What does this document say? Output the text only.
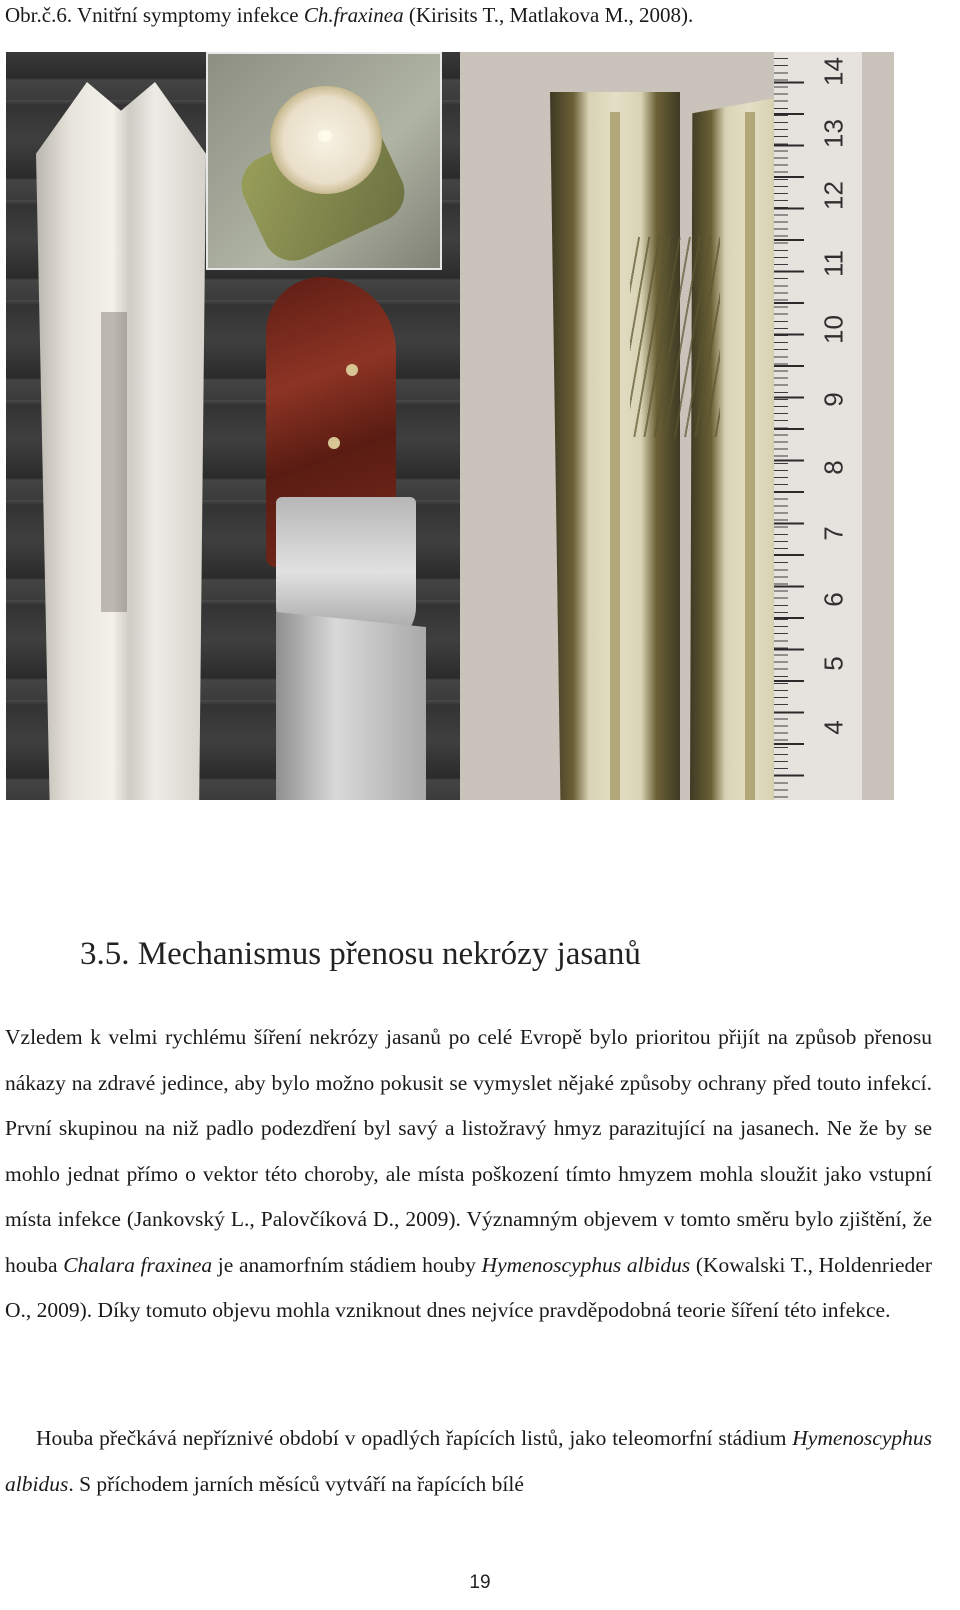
Obr.č.6. Vnitřní symptomy infekce Ch.fraxinea (Kirisits T., Matlakova M., 2008).
14
13
12
11
10
9
8
7
6
5
4
3.5. Mechanismus přenosu nekrózy jasanů

Vzledem k velmi rychlému šíření nekrózy jasanů po celé Evropě bylo prioritou přijít na způsob přenosu nákazy na zdravé jedince, aby bylo možno pokusit se vymyslet nějaké způsoby ochrany před touto infekcí. První skupinou na niž padlo podezdření byl savý a listožravý hmyz parazitující na jasanech. Ne že by se mohlo jednat přímo o vektor této choroby, ale místa poškození tímto hmyzem mohla sloužit jako vstupní místa infekce (Jankovský L., Palovčíková D., 2009). Významným objevem v tomto směru bylo zjištění, že houba Chalara fraxinea je anamorfním stádiem houby Hymenoscyphus albidus (Kowalski T., Holdenrieder O., 2009). Díky tomuto objevu mohla vzniknout dnes nejvíce pravděpodobná teorie šíření této infekce.

Houba přečkává nepříznivé období v opadlých řapících listů, jako teleomorfní stádium Hymenoscyphus albidus. S příchodem jarních měsíců vytváří na řapících bílé

19
